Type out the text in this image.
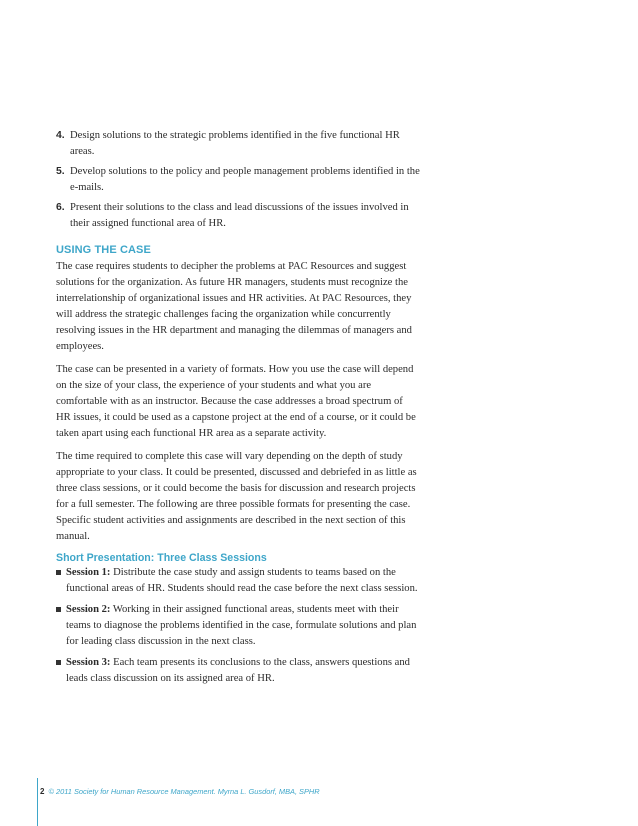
4. Design solutions to the strategic problems identified in the five functional HR areas.
5. Develop solutions to the policy and people management problems identified in the e-mails.
6. Present their solutions to the class and lead discussions of the issues involved in their assigned functional area of HR.
USING THE CASE

The case requires students to decipher the problems at PAC Resources and suggest solutions for the organization. As future HR managers, students must recognize the interrelationship of organizational issues and HR activities. At PAC Resources, they will address the strategic challenges facing the organization while concurrently resolving issues in the HR department and managing the dilemmas of managers and employees.

The case can be presented in a variety of formats. How you use the case will depend on the size of your class, the experience of your students and what you are comfortable with as an instructor. Because the case addresses a broad spectrum of HR issues, it could be used as a capstone project at the end of a course, or it could be taken apart using each functional HR area as a separate activity.

The time required to complete this case will vary depending on the depth of study appropriate to your class. It could be presented, discussed and debriefed in as little as three class sessions, or it could become the basis for discussion and research projects for a full semester. The following are three possible formats for presenting the case. Specific student activities and assignments are described in the next section of this manual.

Short Presentation: Three Class Sessions
Session 1: Distribute the case study and assign students to teams based on the functional areas of HR. Students should read the case before the next class session.
Session 2: Working in their assigned functional areas, students meet with their teams to diagnose the problems identified in the case, formulate solutions and plan for leading class discussion in the next class.
Session 3: Each team presents its conclusions to the class, answers questions and leads class discussion on its assigned area of HR.
2 © 2011 Society for Human Resource Management. Myrna L. Gusdorf, MBA, SPHR
